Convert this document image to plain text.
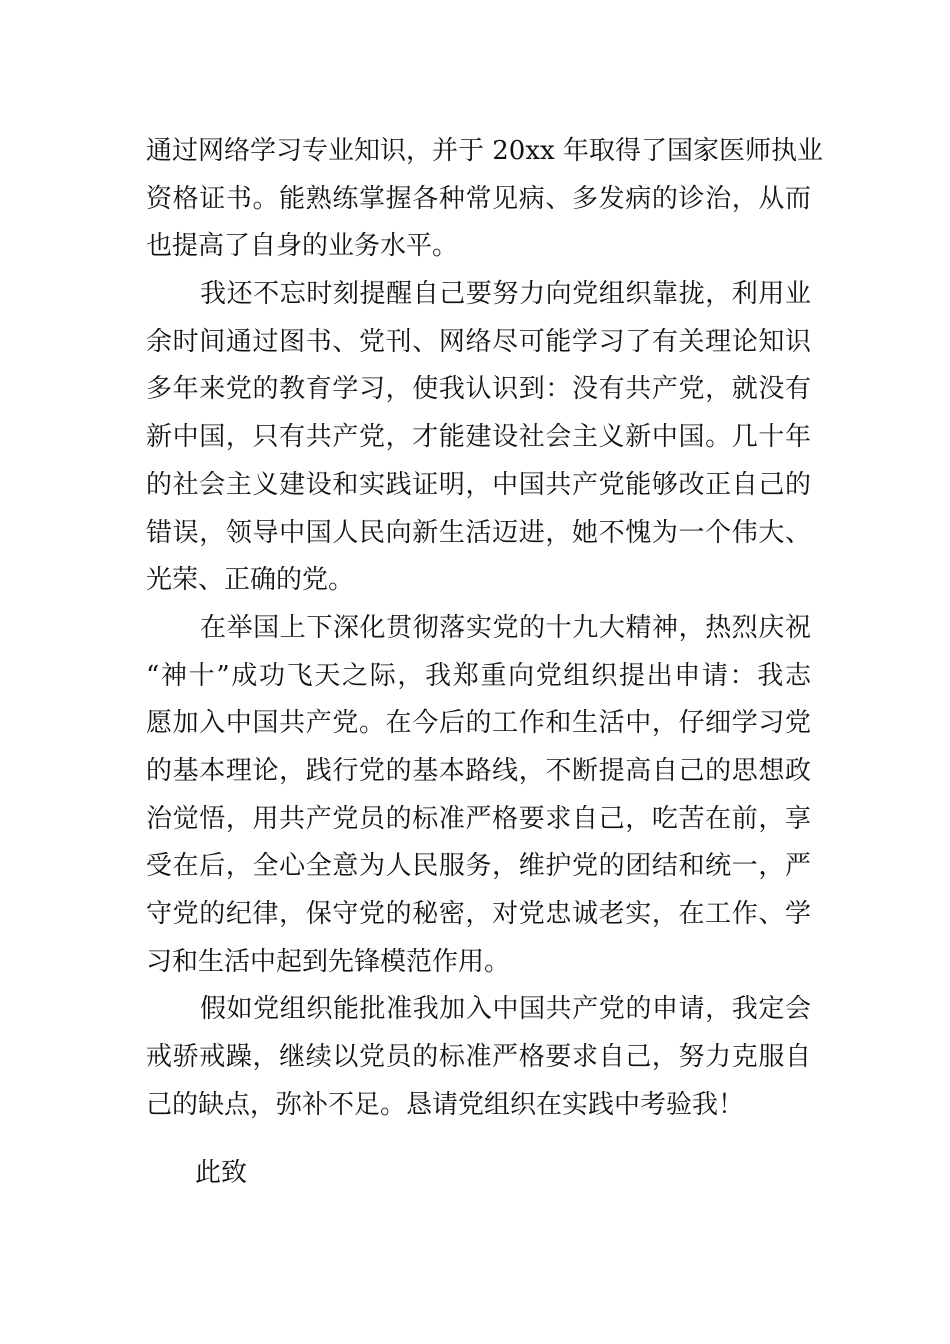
通过网络学习专业知识，并于 20xx 年取得了国家医师执业
资格证书。能熟练掌握各种常见病、多发病的诊治，从而
也提高了自身的业务水平。
我还不忘时刻提醒自己要努力向党组织靠拢，利用业
余时间通过图书、党刊、网络尽可能学习了有关理论知识
多年来党的教育学习，使我认识到：没有共产党，就没有
新中国，只有共产党，才能建设社会主义新中国。几十年
的社会主义建设和实践证明，中国共产党能够改正自己的
错误，领导中国人民向新生活迈进，她不愧为一个伟大、
光荣、正确的党。
在举国上下深化贯彻落实党的十九大精神，热烈庆祝
“神十”成功飞天之际，我郑重向党组织提出申请：我志
愿加入中国共产党。在今后的工作和生活中，仔细学习党
的基本理论，践行党的基本路线，不断提高自己的思想政
治觉悟，用共产党员的标准严格要求自己，吃苦在前，享
受在后，全心全意为人民服务，维护党的团结和统一，严
守党的纪律，保守党的秘密，对党忠诚老实，在工作、学
习和生活中起到先锋模范作用。
假如党组织能批准我加入中国共产党的申请，我定会
戒骄戒躁，继续以党员的标准严格要求自己，努力克服自
己的缺点，弥补不足。恳请党组织在实践中考验我！
此致
